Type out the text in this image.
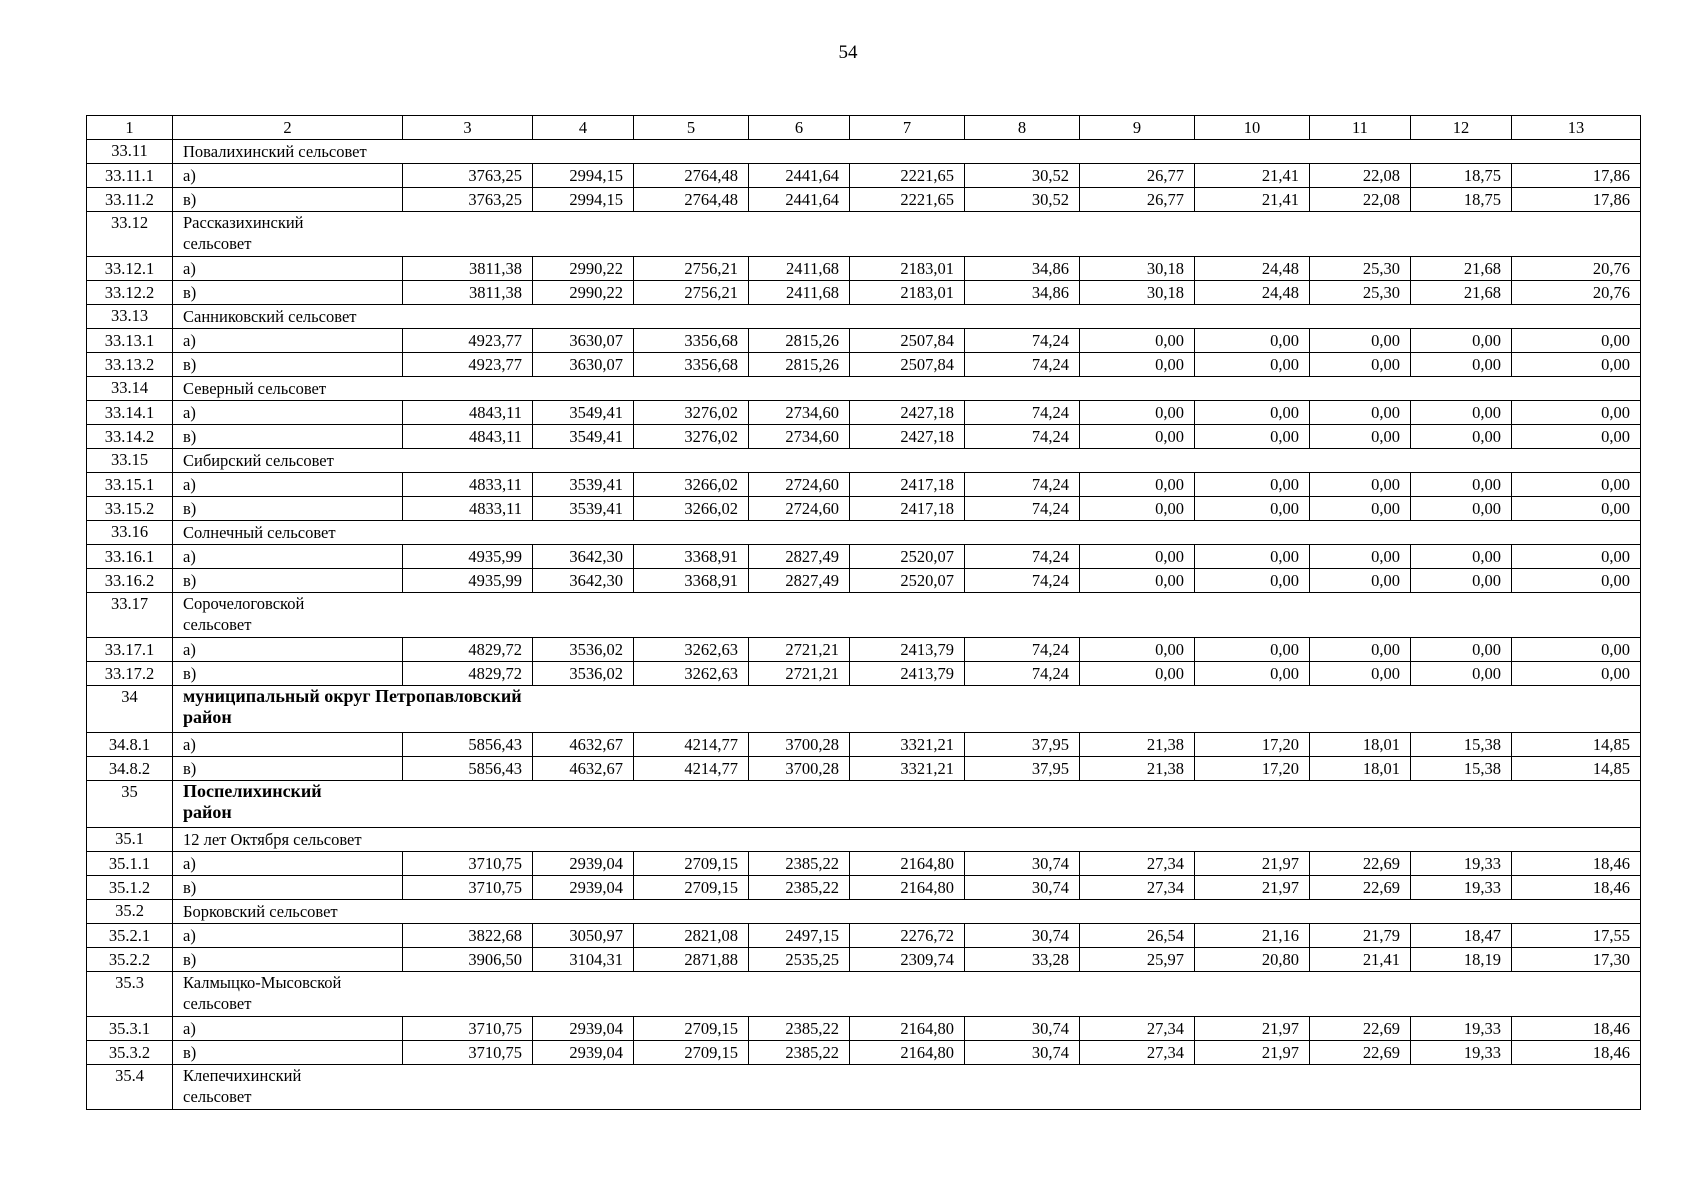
54
1	2	3	4	5	6	7	8	9	10	11	12	13
33.11	Повалихинский сельсовет											

33.11.1	а)	3763,25	2994,15	2764,48	2441,64	2221,65	30,52	26,77	21,41	22,08	18,75	17,86
33.11.2	в)	3763,25	2994,15	2764,48	2441,64	2221,65	30,52	26,77	21,41	22,08	18,75	17,86
33.12	Рассказихинский
сельсовет											

33.12.1	а)	3811,38	2990,22	2756,21	2411,68	2183,01	34,86	30,18	24,48	25,30	21,68	20,76
33.12.2	в)	3811,38	2990,22	2756,21	2411,68	2183,01	34,86	30,18	24,48	25,30	21,68	20,76
33.13	Санниковский сельсовет											

33.13.1	а)	4923,77	3630,07	3356,68	2815,26	2507,84	74,24	0,00	0,00	0,00	0,00	0,00
33.13.2	в)	4923,77	3630,07	3356,68	2815,26	2507,84	74,24	0,00	0,00	0,00	0,00	0,00
33.14	Северный сельсовет											

33.14.1	а)	4843,11	3549,41	3276,02	2734,60	2427,18	74,24	0,00	0,00	0,00	0,00	0,00
33.14.2	в)	4843,11	3549,41	3276,02	2734,60	2427,18	74,24	0,00	0,00	0,00	0,00	0,00
33.15	Сибирский сельсовет											

33.15.1	а)	4833,11	3539,41	3266,02	2724,60	2417,18	74,24	0,00	0,00	0,00	0,00	0,00
33.15.2	в)	4833,11	3539,41	3266,02	2724,60	2417,18	74,24	0,00	0,00	0,00	0,00	0,00
33.16	Солнечный сельсовет											

33.16.1	а)	4935,99	3642,30	3368,91	2827,49	2520,07	74,24	0,00	0,00	0,00	0,00	0,00
33.16.2	в)	4935,99	3642,30	3368,91	2827,49	2520,07	74,24	0,00	0,00	0,00	0,00	0,00
33.17	Сорочелоговской
сельсовет											

33.17.1	а)	4829,72	3536,02	3262,63	2721,21	2413,79	74,24	0,00	0,00	0,00	0,00	0,00
33.17.2	в)	4829,72	3536,02	3262,63	2721,21	2413,79	74,24	0,00	0,00	0,00	0,00	0,00
34	муниципальный округ Петропавловский
район											

34.8.1	а)	5856,43	4632,67	4214,77	3700,28	3321,21	37,95	21,38	17,20	18,01	15,38	14,85
34.8.2	в)	5856,43	4632,67	4214,77	3700,28	3321,21	37,95	21,38	17,20	18,01	15,38	14,85
35	Поспелихинский
район											

35.1	12 лет Октября сельсовет											

35.1.1	а)	3710,75	2939,04	2709,15	2385,22	2164,80	30,74	27,34	21,97	22,69	19,33	18,46
35.1.2	в)	3710,75	2939,04	2709,15	2385,22	2164,80	30,74	27,34	21,97	22,69	19,33	18,46
35.2	Борковский сельсовет											

35.2.1	а)	3822,68	3050,97	2821,08	2497,15	2276,72	30,74	26,54	21,16	21,79	18,47	17,55
35.2.2	в)	3906,50	3104,31	2871,88	2535,25	2309,74	33,28	25,97	20,80	21,41	18,19	17,30
35.3	Калмыцко-Мысовской
сельсовет											

35.3.1	а)	3710,75	2939,04	2709,15	2385,22	2164,80	30,74	27,34	21,97	22,69	19,33	18,46
35.3.2	в)	3710,75	2939,04	2709,15	2385,22	2164,80	30,74	27,34	21,97	22,69	19,33	18,46
35.4	Клепечихинский
сельсовет											
